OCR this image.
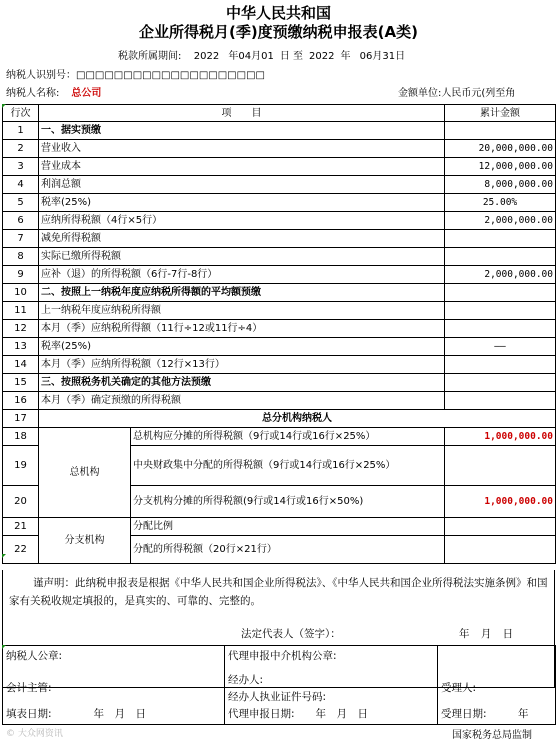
中华人民共和国
企业所得税月(季)度预缴纳税申报表(A类)
税款所属期间: 2022 年04月01 日 至 2022 年 06月31日
纳税人识别号：□□□□□□□□□□□□□□□□□□□□
纳税人名称: 总公司	金额单位:人民币元(列至角
行次	项　　目		累计金额
1	一、据实预缴		
2	营业收入		20,000,000.00
3	营业成本		12,000,000.00
4	利润总额		8,000,000.00
5	税率(25%)		25.00%
6	应纳所得税额（4行×5行）		2,000,000.00
7	减免所得税额		
8	实际已缴所得税额		
9	应补（退）的所得税额（6行-7行-8行）		2,000,000.00
10	二、按照上一纳税年度应纳税所得额的平均额预缴		
11	上一纳税年度应纳税所得额		
12	本月（季）应纳税所得额（11行÷12或11行÷4）		
13	税率(25%)		——
14	本月（季）应纳所得税额（12行×13行）		
15	三、按照税务机关确定的其他方法预缴		
16	本月（季）确定预缴的所得税额		
17	总分机构纳税人		
18	总机构	总机构应分摊的所得税额（9行或14行或16行×25%）	1,000,000.00
19		中央财政集中分配的所得税额（9行或14行或16行×25%）	
20		分支机构分摊的所得税额(9行或14行或16行×50%)	1,000,000.00
21	分支机构	分配比例	
22		分配的所得税额（20行×21行）	
谨声明：此纳税申报表是根据《中华人民共和国企业所得税法》、《中华人民共和国企业所得税法实施条例》和国家有关税收规定填报的，是真实的、可靠的、完整的。
法定代表人（签字）：	年 月 日
纳税人公章:
会计主管:
填表日期:　　　　	年　月　日

代理申报中介机构公章:
经办人:
经办人执业证件号码:
代理申报日期:　　 年　月　日

受理人:
受理日期:　　　	年
© 大众网资讯	国家税务总局监制
